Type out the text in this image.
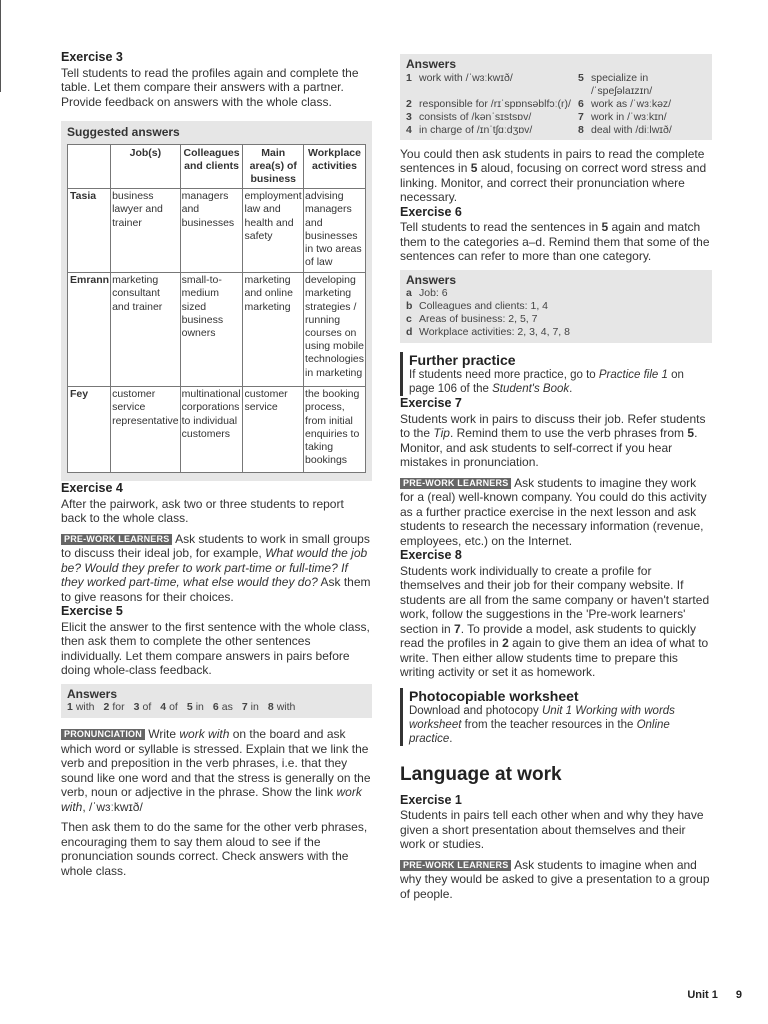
Exercise 3

Tell students to read the profiles again and complete the table. Let them compare their answers with a partner. Provide feedback on answers with the whole class.

Suggested answers
	Job(s)	Colleagues and clients	Main area(s) of business	Workplace activities
Tasia	business lawyer and trainer	managers and businesses	employment law and health and safety	advising managers and businesses in two areas of law
Emrann	marketing consultant and trainer	small-to-medium sized business owners	marketing and online marketing	developing marketing strategies / running courses on using mobile technologies in marketing
Fey	customer service representative	multinational corporations to individual customers	customer service	the booking process, from initial enquiries to taking bookings
Exercise 4

After the pairwork, ask two or three students to report back to the whole class.

PRE-WORK LEARNERS Ask students to work in small groups to discuss their ideal job, for example, What would the job be? Would they prefer to work part-time or full-time? If they worked part-time, what else would they do? Ask them to give reasons for their choices.

Exercise 5

Elicit the answer to the first sentence with the whole class, then ask them to complete the other sentences individually. Let them compare answers in pairs before doing whole-class feedback.

Answers
1 with 2 for 3 of 4 of 5 in 6 as 7 in 8 with

PRONUNCIATION Write work with on the board and ask which word or syllable is stressed. Explain that we link the verb and preposition in the verb phrases, i.e. that they sound like one word and that the stress is generally on the verb, noun or adjective in the phrase. Show the link work with, /ˈwɜːkwɪð/

Then ask them to do the same for the other verb phrases, encouraging them to say them aloud to see if the pronunciation sounds correct. Check answers with the whole class.

Answers
1 work with /ˈwɜːkwɪð/
2 responsible for /rɪˈspɒnsəblfɔː(r)/
3 consists of /kənˈsɪstsɒv/
4 in charge of /ɪnˈtʃɑːdʒɒv/
5 specialize in
/ˈspeʃəlaɪzɪn/
6 work as /ˈwɜːkəz/
7 work in /ˈwɜːkɪn/
8 deal with /diːlwɪð/

You could then ask students in pairs to read the complete sentences in 5 aloud, focusing on correct word stress and linking. Monitor, and correct their pronunciation where necessary.

Exercise 6

Tell students to read the sentences in 5 again and match them to the categories a–d. Remind them that some of the sentences can refer to more than one category.

Answers
a Job: 6
b Colleagues and clients: 1, 4
c Areas of business: 2, 5, 7
d Workplace activities: 2, 3, 4, 7, 8
Further practice
If students need more practice, go to Practice file 1 on page 106 of the Student's Book.
Exercise 7

Students work in pairs to discuss their job. Refer students to the Tip. Remind them to use the verb phrases from 5. Monitor, and ask students to self-correct if you hear mistakes in pronunciation.

PRE-WORK LEARNERS Ask students to imagine they work for a (real) well-known company. You could do this activity as a further practice exercise in the next lesson and ask students to research the necessary information (revenue, employees, etc.) on the Internet.

Exercise 8

Students work individually to create a profile for themselves and their job for their company website. If students are all from the same company or haven't started work, follow the suggestions in the 'Pre-work learners' section in 7. To provide a model, ask students to quickly read the profiles in 2 again to give them an idea of what to write. Then either allow students time to prepare this writing activity or set it as homework.

Photocopiable worksheet
Download and photocopy Unit 1 Working with words worksheet from the teacher resources in the Online practice.
Language at work
Exercise 1

Students in pairs tell each other when and why they have given a short presentation about themselves and their work or studies.

PRE-WORK LEARNERS Ask students to imagine when and why they would be asked to give a presentation to a group of people.

Unit 1 9
